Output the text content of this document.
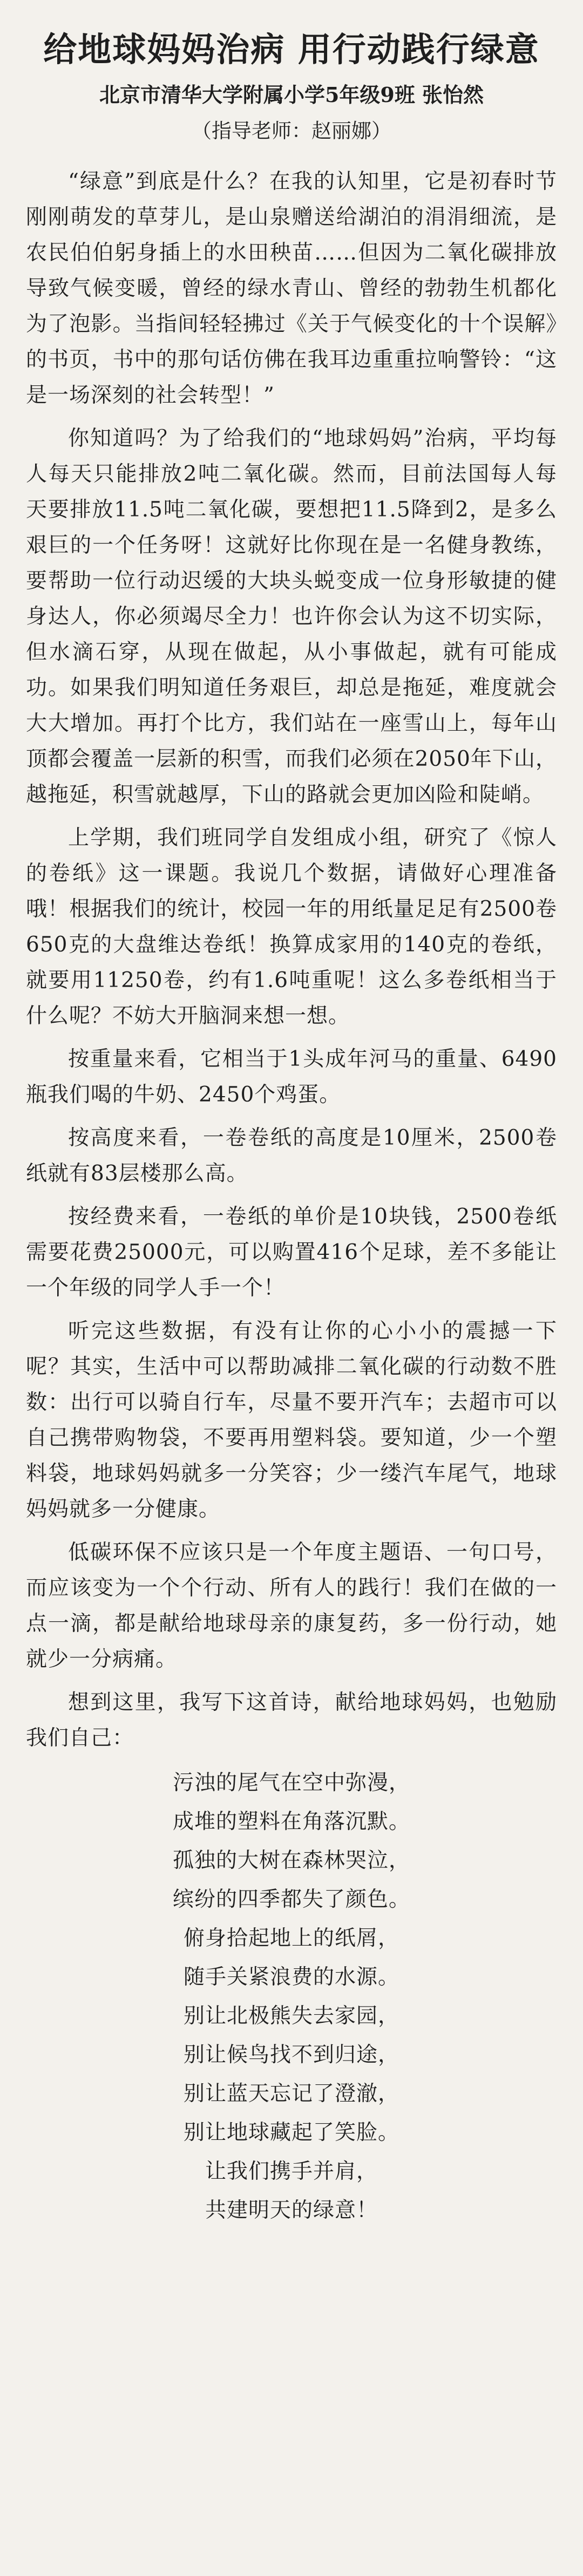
给地球妈妈治病 用行动践行绿意
北京市清华大学附属小学5年级9班 张怡然
（指导老师：赵丽娜）

“绿意”到底是什么？在我的认知里，它是初春时节刚刚萌发的草芽儿，是山泉赠送给湖泊的涓涓细流，是农民伯伯躬身插上的水田秧苗……但因为二氧化碳排放导致气候变暖，曾经的绿水青山、曾经的勃勃生机都化为了泡影。当指间轻轻拂过《关于气候变化的十个误解》的书页，书中的那句话仿佛在我耳边重重拉响警铃：“这是一场深刻的社会转型！”

你知道吗？为了给我们的“地球妈妈”治病，平均每人每天只能排放2吨二氧化碳。然而，目前法国每人每天要排放11.5吨二氧化碳，要想把11.5降到2，是多么艰巨的一个任务呀！这就好比你现在是一名健身教练，要帮助一位行动迟缓的大块头蜕变成一位身形敏捷的健身达人，你必须竭尽全力！也许你会认为这不切实际，但水滴石穿，从现在做起，从小事做起，就有可能成功。如果我们明知道任务艰巨，却总是拖延，难度就会大大增加。再打个比方，我们站在一座雪山上，每年山顶都会覆盖一层新的积雪，而我们必须在2050年下山，越拖延，积雪就越厚，下山的路就会更加凶险和陡峭。

上学期，我们班同学自发组成小组，研究了《惊人的卷纸》这一课题。我说几个数据，请做好心理准备哦！根据我们的统计，校园一年的用纸量足足有2500卷650克的大盘维达卷纸！换算成家用的140克的卷纸，就要用11250卷，约有1.6吨重呢！这么多卷纸相当于什么呢？不妨大开脑洞来想一想。

按重量来看，它相当于1头成年河马的重量、6490瓶我们喝的牛奶、2450个鸡蛋。

按高度来看，一卷卷纸的高度是10厘米，2500卷纸就有83层楼那么高。

按经费来看，一卷纸的单价是10块钱，2500卷纸需要花费25000元，可以购置416个足球，差不多能让一个年级的同学人手一个！

听完这些数据，有没有让你的心小小的震撼一下呢？其实，生活中可以帮助减排二氧化碳的行动数不胜数：出行可以骑自行车，尽量不要开汽车；去超市可以自己携带购物袋，不要再用塑料袋。要知道，少一个塑料袋，地球妈妈就多一分笑容；少一缕汽车尾气，地球妈妈就多一分健康。

低碳环保不应该只是一个年度主题语、一句口号，而应该变为一个个行动、所有人的践行！我们在做的一点一滴，都是献给地球母亲的康复药，多一份行动，她就少一分病痛。

想到这里，我写下这首诗，献给地球妈妈，也勉励我们自己：

污浊的尾气在空中弥漫，
成堆的塑料在角落沉默。
孤独的大树在森林哭泣，
缤纷的四季都失了颜色。
俯身拾起地上的纸屑，
随手关紧浪费的水源。
别让北极熊失去家园，
别让候鸟找不到归途，
别让蓝天忘记了澄澈，
别让地球藏起了笑脸。
让我们携手并肩，
共建明天的绿意！
